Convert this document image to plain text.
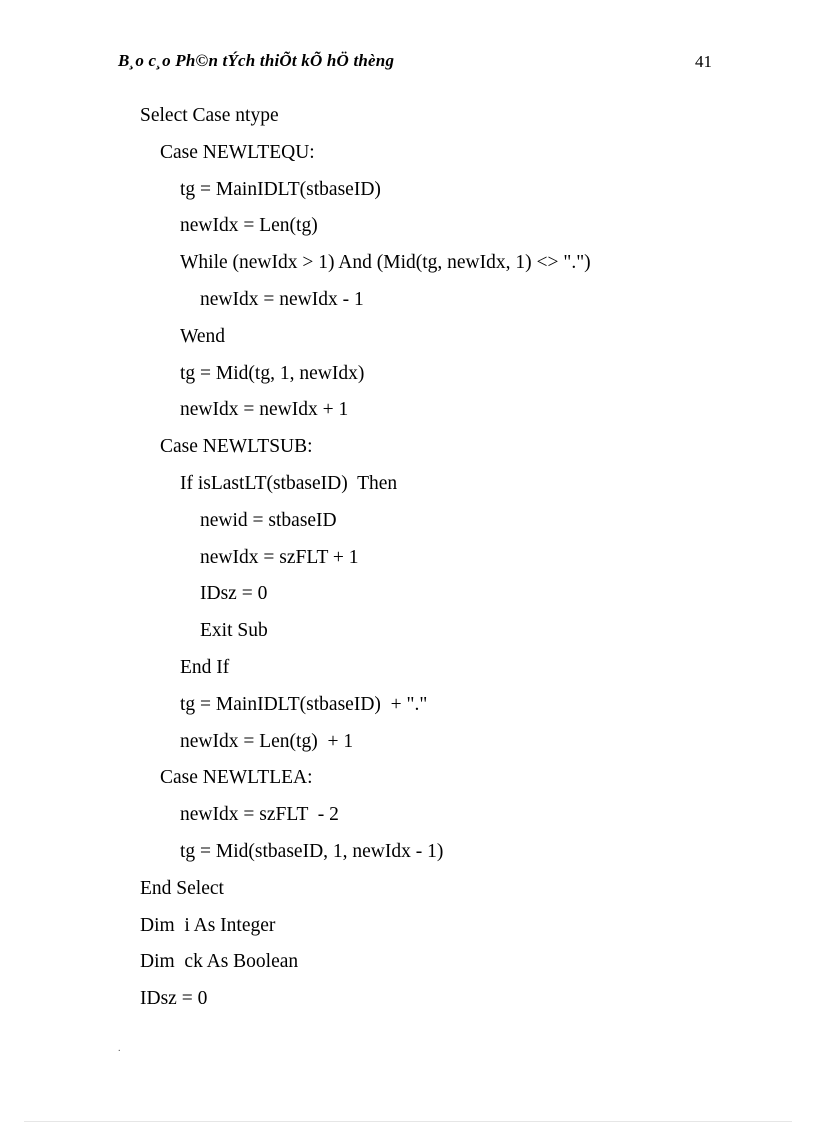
B¸o c¸o Ph©n tÝch thiÕt kÕ hÖ thèng	41
Select Case ntype
Case NEWLTEQU:
tg = MainIDLT(stbaseID)
newIdx = Len(tg)
While (newIdx > 1) And (Mid(tg, newIdx, 1) <> ".")
newIdx = newIdx - 1
Wend
tg = Mid(tg, 1, newIdx)
newIdx = newIdx + 1
Case NEWLTSUB:
If isLastLT(stbaseID)  Then
newid = stbaseID
newIdx = szFLT + 1
IDsz = 0
Exit Sub
End If
tg = MainIDLT(stbaseID)  + "."
newIdx = Len(tg)  + 1
Case NEWLTLEA:
newIdx = szFLT  - 2
tg = Mid(stbaseID, 1, newIdx - 1)
End Select
Dim  i As Integer
Dim  ck As Boolean
IDsz = 0
.
